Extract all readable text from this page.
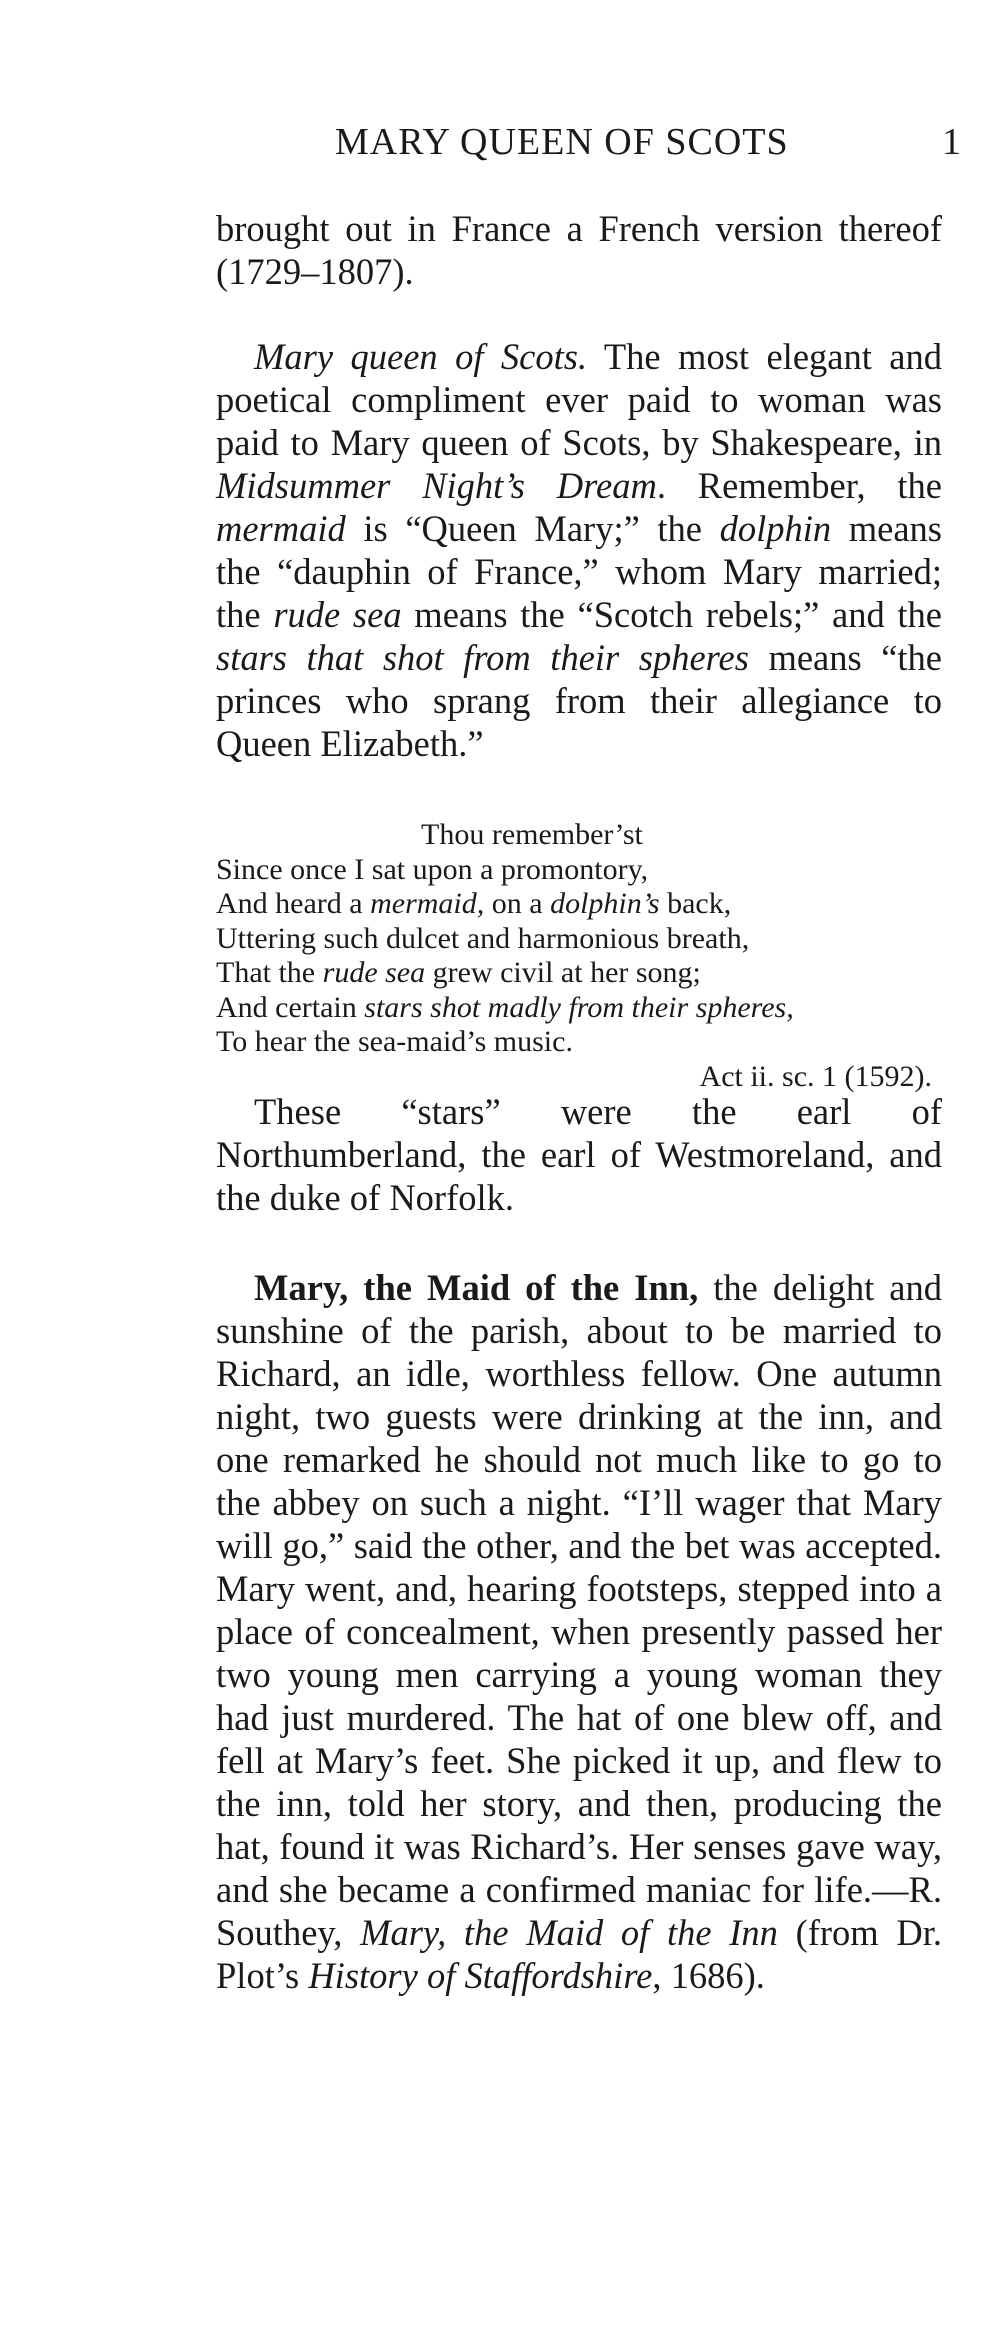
MARY QUEEN OF SCOTS	1

brought out in France a French version thereof (1729–1807).

Mary queen of Scots. The most elegant and poetical compliment ever paid to woman was paid to Mary queen of Scots, by Shakespeare, in Midsummer Night’s Dream. Remember, the mermaid is “Queen Mary;” the dolphin means the “dauphin of France,” whom Mary married; the rude sea means the “Scotch rebels;” and the stars that shot from their spheres means “the princes who sprang from their allegiance to Queen Elizabeth.”

Thou remember’st
Since once I sat upon a promontory,
And heard a mermaid, on a dolphin’s back,
Uttering such dulcet and harmonious breath,
That the rude sea grew civil at her song;
And certain stars shot madly from their spheres,
To hear the sea-maid’s music.
Act ii. sc. 1 (1592).

These “stars” were the earl of Northumberland, the earl of Westmoreland, and the duke of Norfolk.

Mary, the Maid of the Inn, the delight and sunshine of the parish, about to be married to Richard, an idle, worthless fellow. One autumn night, two guests were drinking at the inn, and one remarked he should not much like to go to the abbey on such a night. “I’ll wager that Mary will go,” said the other, and the bet was accepted. Mary went, and, hearing footsteps, stepped into a place of concealment, when presently passed her two young men carrying a young woman they had just murdered. The hat of one blew off, and fell at Mary’s feet. She picked it up, and flew to the inn, told her story, and then, producing the hat, found it was Richard’s. Her senses gave way, and she became a confirmed maniac for life.—R. Southey, Mary, the Maid of the Inn (from Dr. Plot’s History of Staffordshire, 1686).
